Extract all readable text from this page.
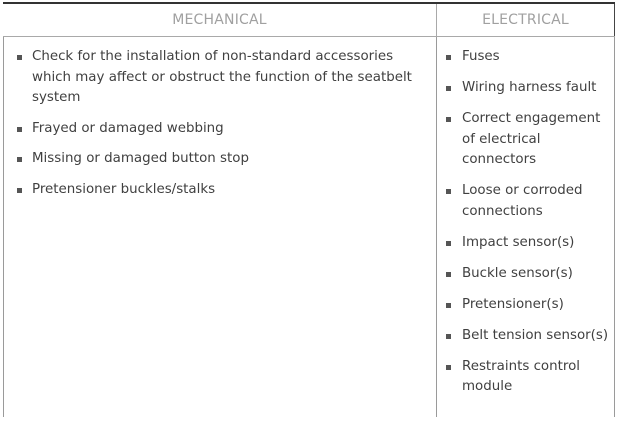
MECHANICAL	ELECTRICAL
Check for the installation of non-standard accessories which may affect or obstruct the function of the seatbelt system
Frayed or damaged webbing
Missing or damaged button stop
Pretensioner buckles/stalks
Fuses
Wiring harness fault
Correct engagement of electrical connectors
Loose or corroded connections
Impact sensor(s)
Buckle sensor(s)
Pretensioner(s)
Belt tension sensor(s)
Restraints control module
